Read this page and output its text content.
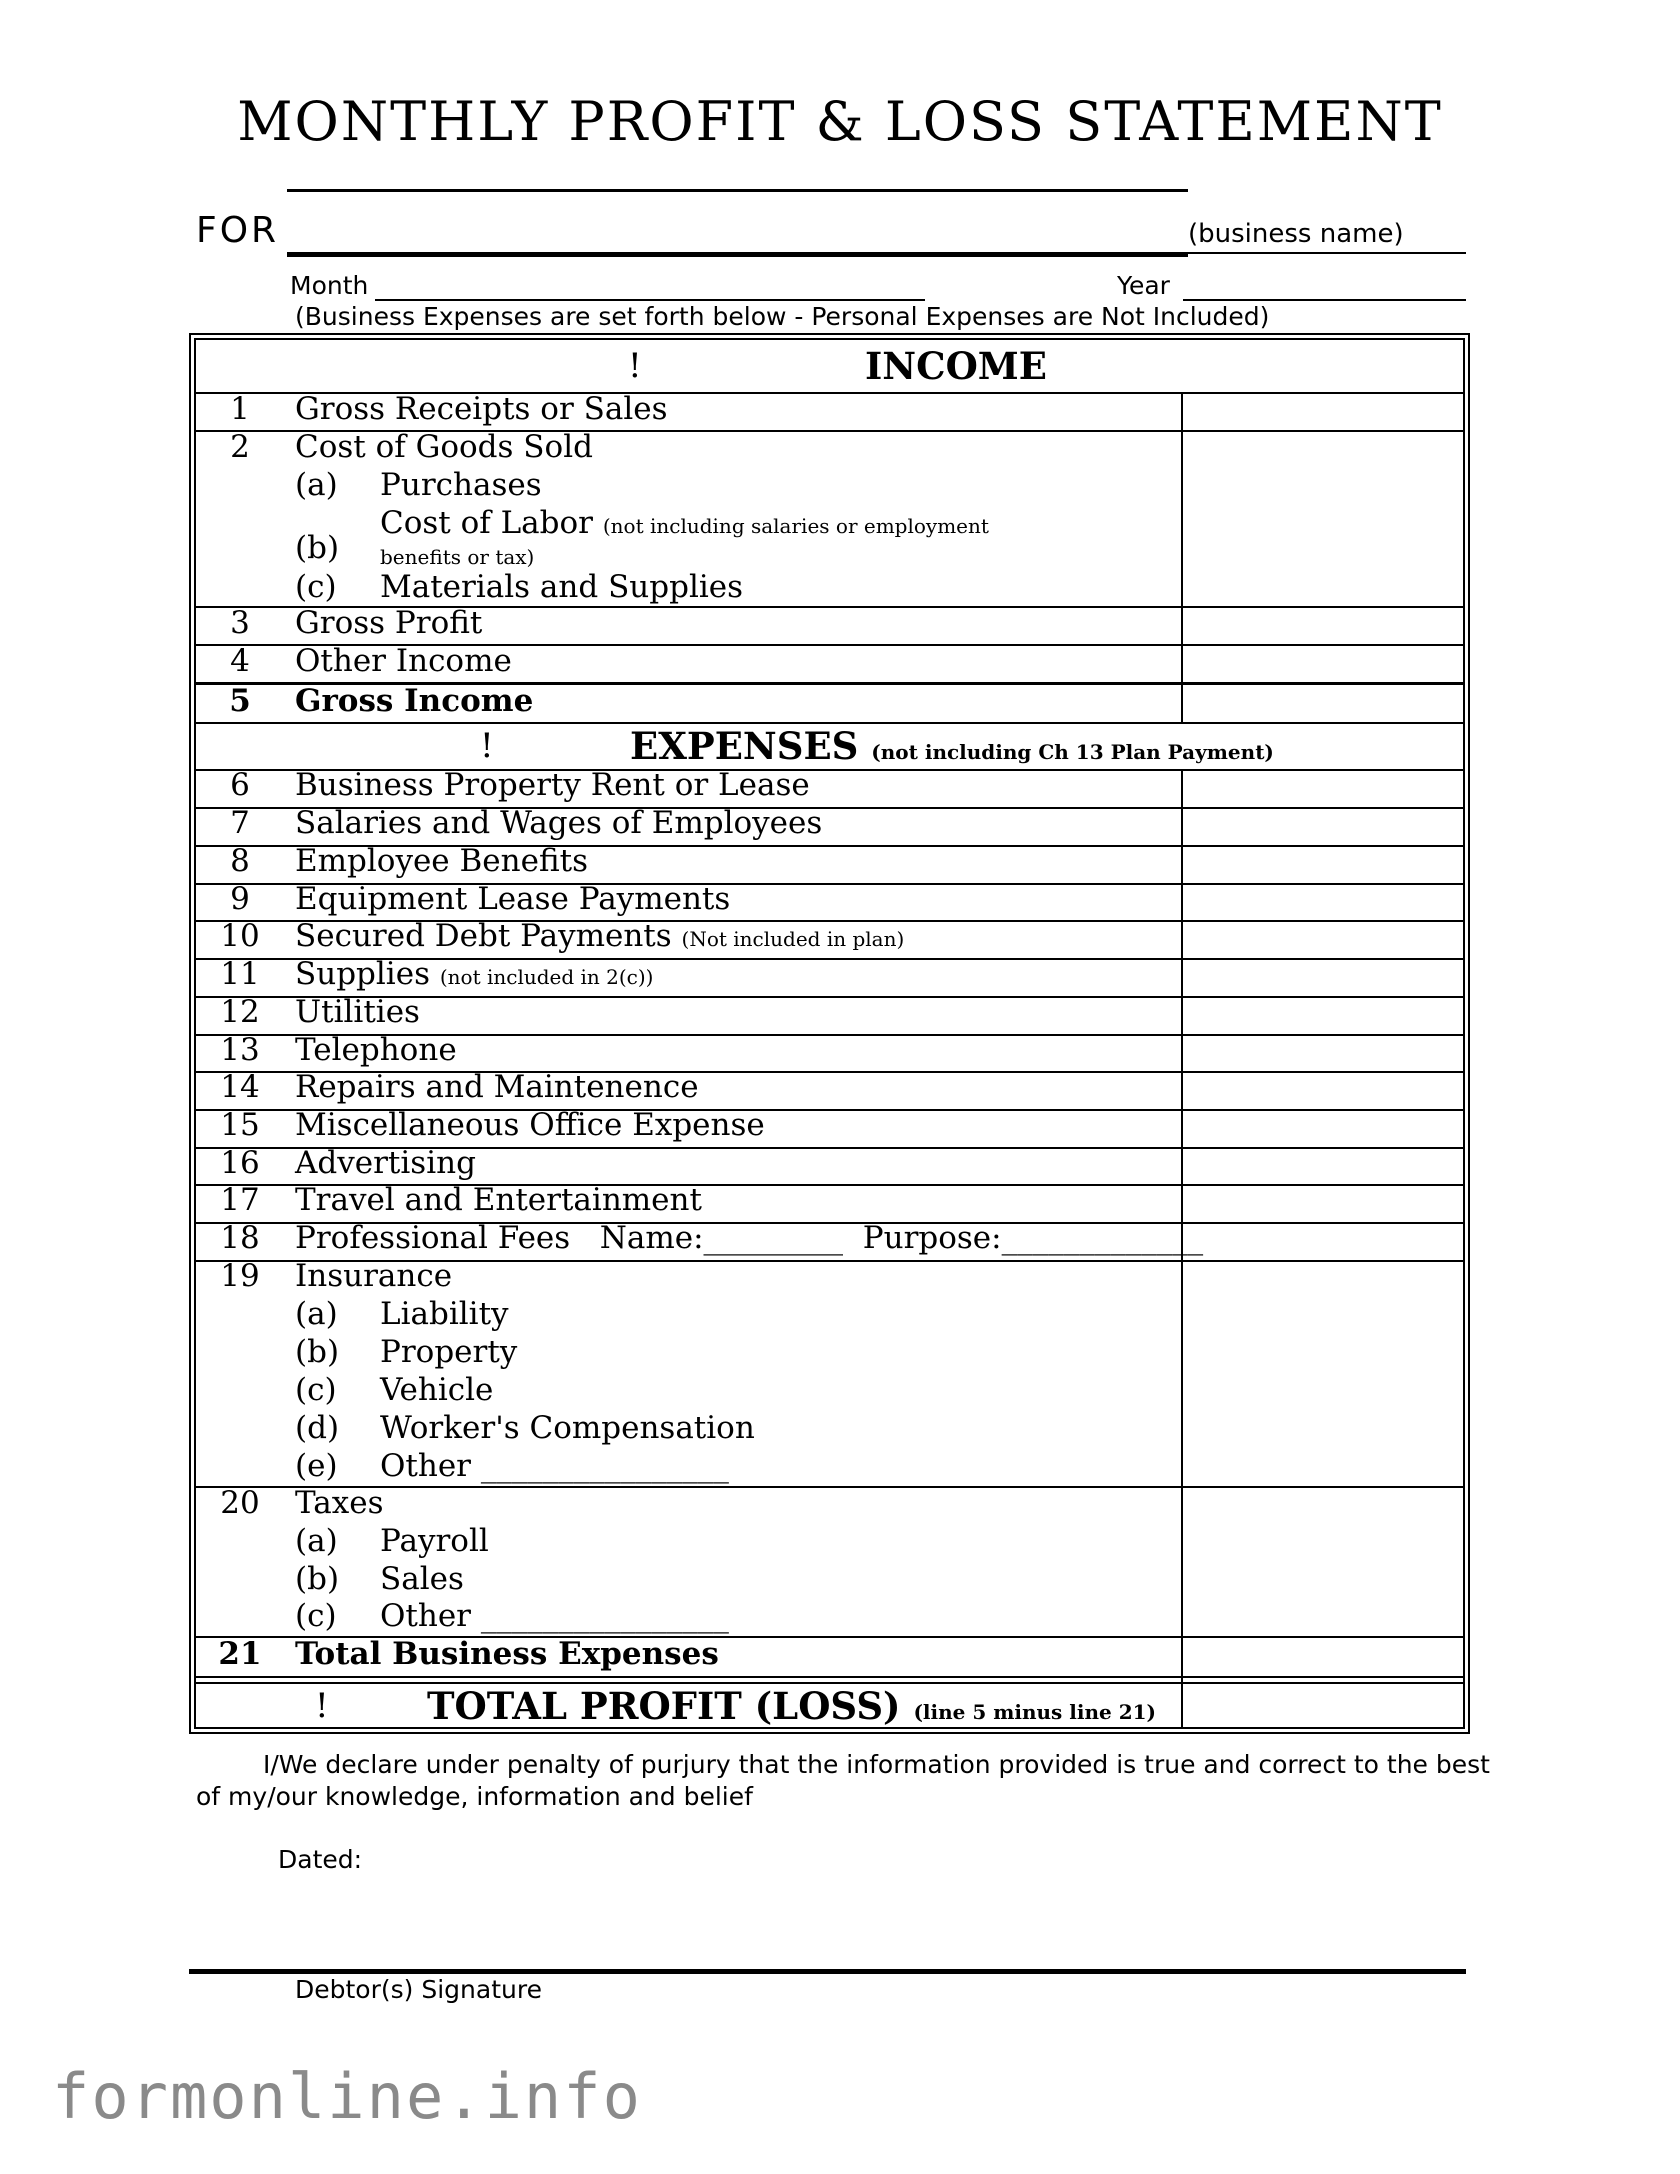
MONTHLY PROFIT & LOSS STATEMENT
FOR	(business name)
Month	Year
(Business Expenses are set forth below - Personal Expenses are Not Included)
!	INCOME
1	Gross Receipts or Sales
2	Cost of Goods Sold
(a) Purchases
Cost of Labor (not including salaries or employment
(b) benefits or tax)
(c) Materials and Supplies
3	Gross Profit
4	Other Income
5	Gross Income
!	EXPENSES (not including Ch 13 Plan Payment)
6	Business Property Rent or Lease
7	Salaries and Wages of Employees
8	Employee Benefits
9	Equipment Lease Payments
10	Secured Debt Payments (Not included in plan)
11	Supplies (not included in 2(c))
12	Utilities
13	Telephone
14	Repairs and Maintenence
15	Miscellaneous Office Expense
16	Advertising
17	Travel and Entertainment
18	Professional Fees   Name:_________  Purpose:_____________
19	Insurance
(a) Liability
(b) Property
(c) Vehicle
(d) Worker's Compensation
(e) Other ________________
20	Taxes
(a) Payroll
(b) Sales
(c) Other ________________
21	Total Business Expenses
!	TOTAL PROFIT (LOSS) (line 5 minus line 21)
I/We declare under penalty of purjury that the information provided is true and correct to the best
of my/our knowledge, information and belief
Dated:
Debtor(s) Signature
formonline.info
